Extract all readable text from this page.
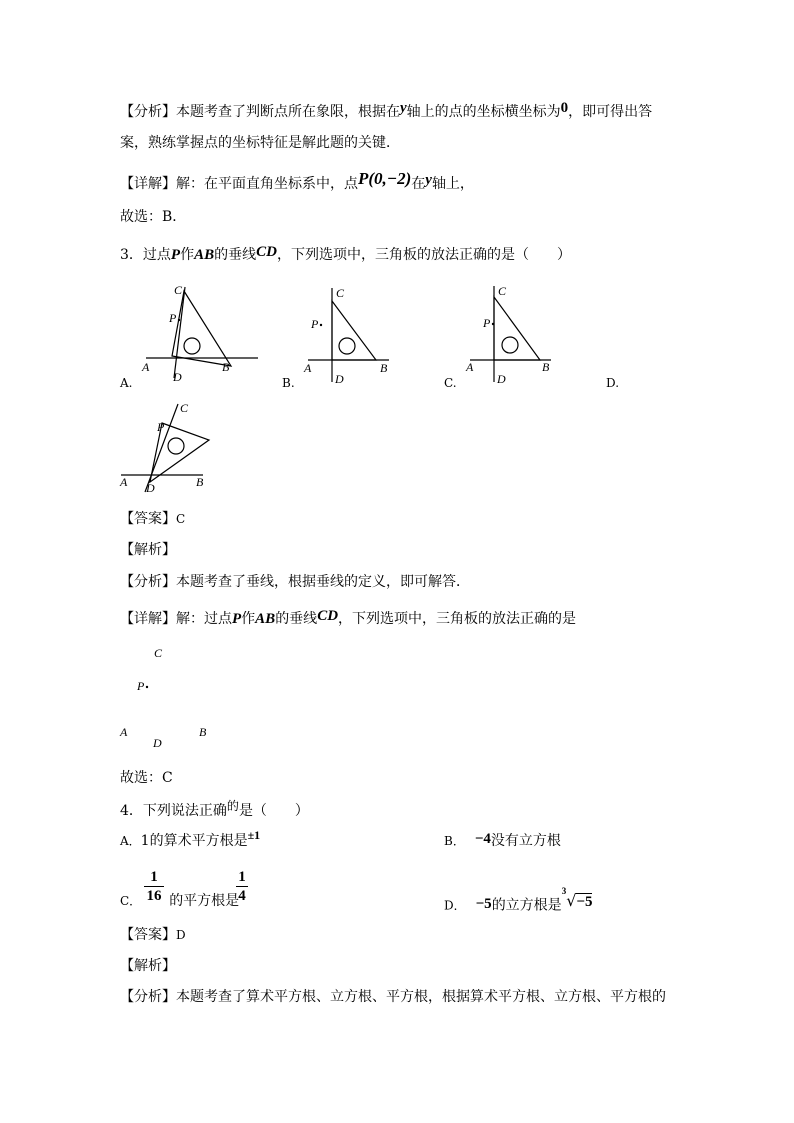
【分析】本题考查了判断点所在象限，根据在y轴上的点的坐标横坐标为0，即可得出答
案，熟练掌握点的坐标特征是解此题的关键．
【详解】解：在平面直角坐标系中，点P(0,−2)在y轴上，
故选：B．
3．过点P作AB的垂线CD，下列选项中，三角板的放法正确的是（　　）
C
P
A	B
D
C
P
A	B
D
C
P
A	B
D
C
P
A	B
D
A.	B.	C.	D.
【答案】C
【解析】
【分析】本题考查了垂线，根据垂线的定义，即可解答．
【详解】解：过点P作AB的垂线CD，下列选项中，三角板的放法正确的是
C
P
A	B
D
故选：C
4．下列说法正确的是（　　）
A．1的算术平方根是±1	B． −4没有立方根
C． 的平方根是
1
16
1
4
D． −5的立方根是$^3$√−5
【答案】D
【解析】
【分析】本题考查了算术平方根、立方根、平方根，根据算术平方根、立方根、平方根的
